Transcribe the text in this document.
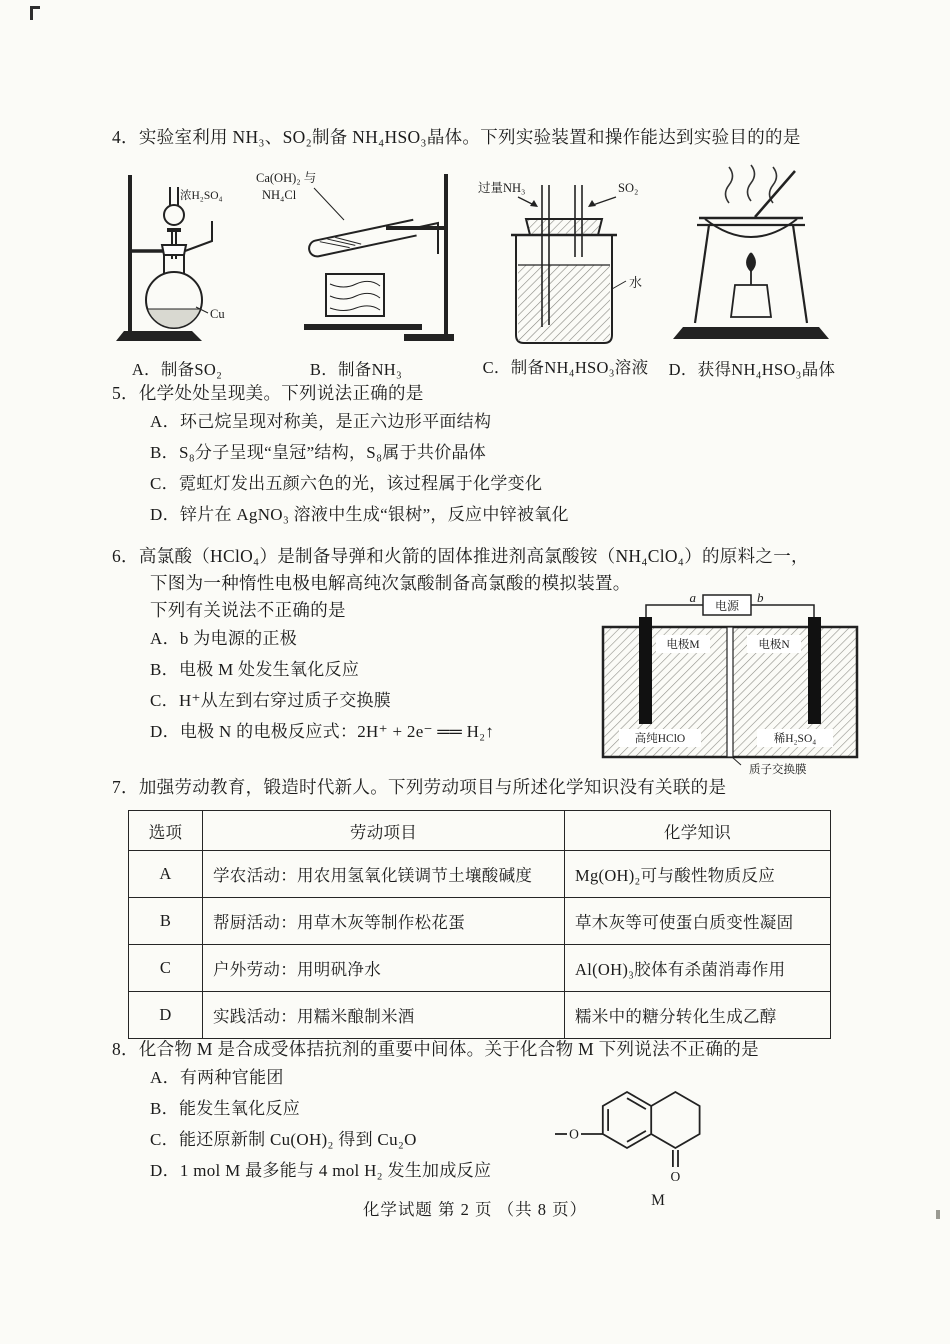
4．实验室利用 NH₃、SO₂制备 NH₄HSO₃晶体。下列实验装置和操作能达到实验目的的是
浓H₂SO₄
Cu
A．制备SO₂
Ca(OH)₂ 与
NH₄Cl
B．制备NH₃
过量NH₃	SO₂
水
C．制备NH₄HSO₃溶液 D．获得NH₄HSO₃晶体
5．化学处处呈现美。下列说法正确的是
A．环己烷呈现对称美，是正六边形平面结构
B．S₈分子呈现“皇冠”结构，S₈属于共价晶体
C．霓虹灯发出五颜六色的光，该过程属于化学变化
D．锌片在 AgNO₃ 溶液中生成“银树”，反应中锌被氧化
6．高氯酸（HClO₄）是制备导弹和火箭的固体推进剂高氯酸铵（NH₄ClO₄）的原料之一，
下图为一种惰性电极电解高纯次氯酸制备高氯酸的模拟装置。
下列有关说法不正确的是
A．b 为电源的正极
B．电极 M 处发生氧化反应
C．H⁺从左到右穿过质子交换膜
D．电极 N 的电极反应式：2H⁺ + 2e⁻ ══ H₂↑
电源
a	b
电极M	电极N
高纯HClO	稀H₂SO₄
质子交换膜
7．加强劳动教育，锻造时代新人。下列劳动项目与所述化学知识没有关联的是
选项	劳动项目	化学知识
A	学农活动：用农用氢氧化镁调节土壤酸碱度	Mg(OH)₂可与酸性物质反应
B	帮厨活动：用草木灰等制作松花蛋	草木灰等可使蛋白质变性凝固
C	户外劳动：用明矾净水	Al(OH)₃胶体有杀菌消毒作用
D	实践活动：用糯米酿制米酒	糯米中的糖分转化生成乙醇
8．化合物 M 是合成受体拮抗剂的重要中间体。关于化合物 M 下列说法不正确的是
A．有两种官能团
B．能发生氧化反应
C．能还原新制 Cu(OH)₂ 得到 Cu₂O
D．1 mol M 最多能与 4 mol H₂ 发生加成反应	O
O
M
化学试题 第 2 页 （共 8 页）
